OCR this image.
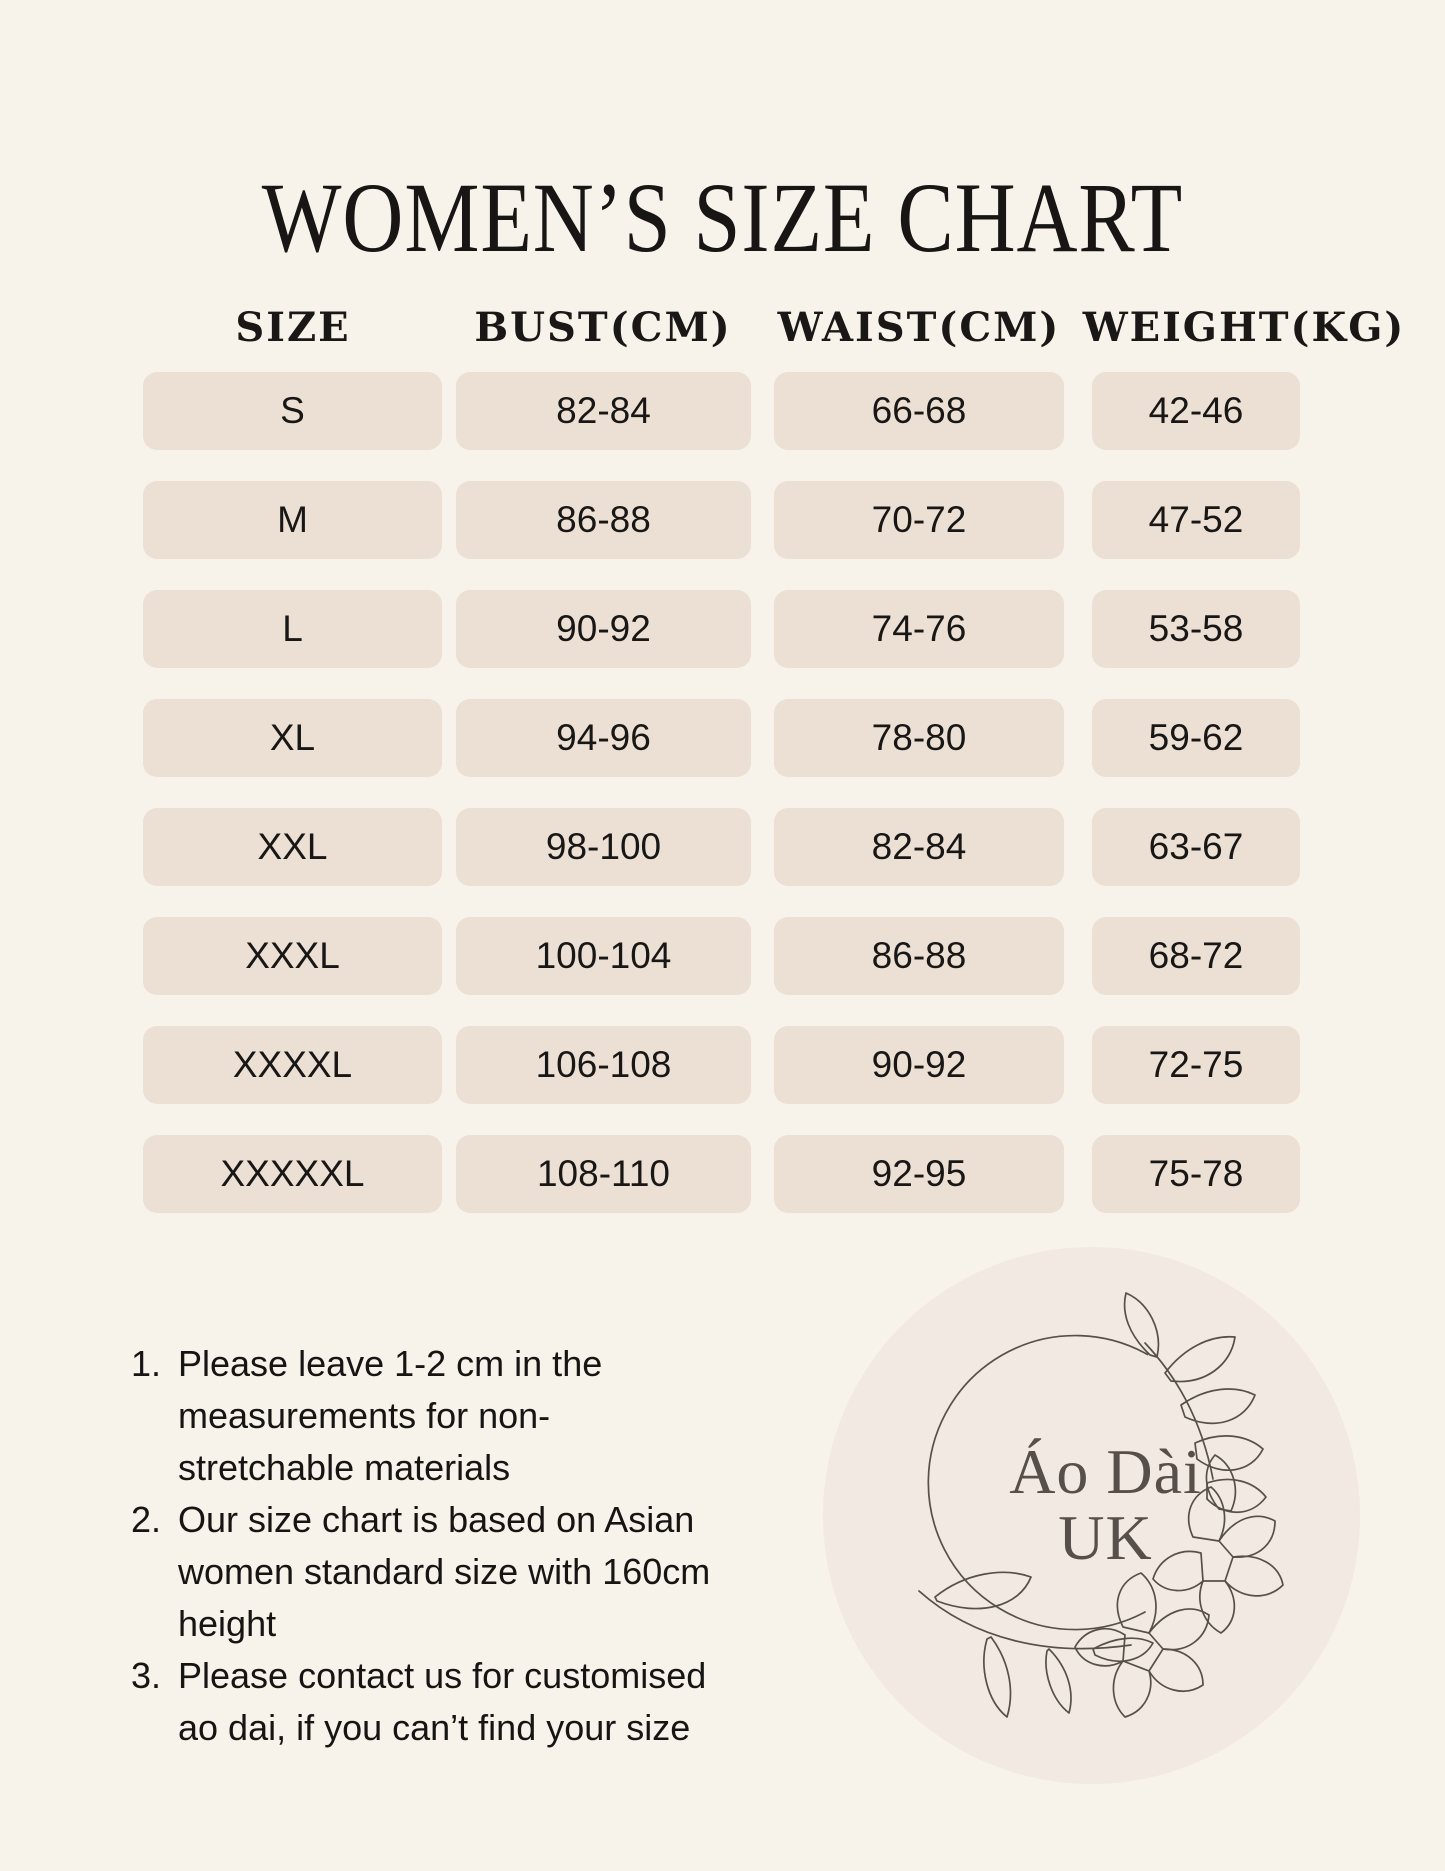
WOMEN’S SIZE CHART
SIZE	BUST(CM) WAIST(CM) WEIGHT(KG)
S	82-84	66-68	42-46
M	86-88	70-72	47-52
L	90-92	74-76	53-58
XL	94-96	78-80	59-62
XXL	98-100	82-84	63-67
XXXL	100-104	86-88	68-72
XXXXL	106-108	90-92	72-75
XXXXXL	108-110	92-95	75-78
Please leave 1-2 cm in the measurements for non-stretchable materials
Our size chart is based on Asian women standard size with 160cm height
Please contact us for customised ao dai, if you can’t find your size
Áo Dài
UK
